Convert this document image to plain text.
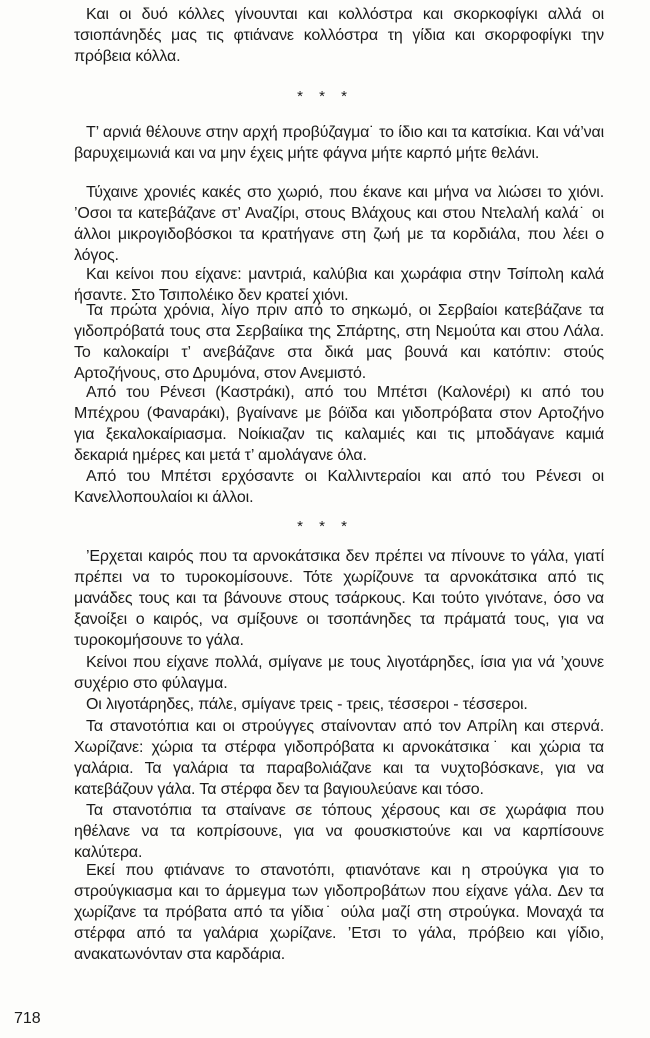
Και οι δυό κόλλες γίνουνται και κολλόστρα και σκορκοφίγκι αλλά οι τσιοπάνηδές μας τις φτιάνανε κολλόστρα τη γίδια και σκορφοφίγκι την πρόβεια κόλλα.

* * *

Τ’ αρνιά θέλουνε στην αρχή προβύζαγμα˙ το ίδιο και τα κατσίκια. Και νά’ναι βαρυχειμωνιά και να μην έχεις μήτε φάγνα μήτε καρπό μήτε θελάνι.

Τύχαινε χρονιές κακές στο χωριό, που έκανε και μήνα να λιώσει το χιόνι. ’Οσοι τα κατεβάζανε στ’ Αναζίρι, στους Βλάχους και στου Ντελαλή καλά˙ οι άλλοι μικρογιδοβόσκοι τα κρατήγανε στη ζωή με τα κορδιάλα, που λέει ο λόγος.

Και κείνοι που είχανε: μαντριά, καλύβια και χωράφια στην Τσίπολη καλά ήσαντε. Στο Τσιπολέικο δεν κρατεί χιόνι.

Τα πρώτα χρόνια, λίγο πριν από το σηκωμό, οι Σερβαίοι κατεβάζανε τα γιδοπρόβατά τους στα Σερβαίικα της Σπάρτης, στη Νεμούτα και στου Λάλα. Το καλοκαίρι τ’ ανεβάζανε στα δικά μας βουνά και κατόπιν: στούς Αρτοζήνους, στο Δρυμόνα, στον Ανεμιστό.

Από του Ρένεσι (Καστράκι), από του Μπέτσι (Καλονέρι) κι από του Μπέχρου (Φαναράκι), βγαίνανε με βόϊδα και γιδοπρόβατα στον Αρτοζήνο για ξεκαλοκαίριασμα. Νοίκιαζαν τις καλαμιές και τις μποδάγανε καμιά δεκαριά ημέρες και μετά τ’ αμολάγανε όλα.

Από του Μπέτσι ερχόσαντε οι Καλλιντεραίοι και από του Ρένεσι οι Κανελλοπουλαίοι κι άλλοι.

* * *

’Ερχεται καιρός που τα αρνοκάτσικα δεν πρέπει να πίνουνε το γάλα, γιατί πρέπει να το τυροκομίσουνε. Τότε χωρίζουνε τα αρνοκάτσικα από τις μανάδες τους και τα βάνουνε στους τσάρκους. Και τούτο γινότανε, όσο να ξανοίξει ο καιρός, να σμίξουνε οι τσοπάνηδες τα πράματά τους, για να τυροκομήσουνε το γάλα.

Κείνοι που είχανε πολλά, σμίγανε με τους λιγοτάρηδες, ίσια για νά ’χουνε συχέριο στο φύλαγμα.

Οι λιγοτάρηδες, πάλε, σμίγανε τρεις - τρεις, τέσσεροι - τέσσεροι.

Τα στανοτόπια και οι στρούγγες σταίνονταν από τον Απρίλη και στερνά. Χωρίζανε: χώρια τα στέρφα γιδοπρόβατα κι αρνοκάτσικα˙ και χώρια τα γαλάρια. Τα γαλάρια τα παραβολιάζανε και τα νυχτοβόσκανε, για να κατεβάζουν γάλα. Τα στέρφα δεν τα βαγιουλεύανε και τόσο.

Τα στανοτόπια τα σταίνανε σε τόπους χέρσους και σε χωράφια που ηθέλανε να τα κοπρίσουνε, για να φουσκιστούνε και να καρπίσουνε καλύτερα.

Εκεί που φτιάνανε το στανοτόπι, φτιανότανε και η στρούγκα για το στρούγκιασμα και το άρμεγμα των γιδοπροβάτων που είχανε γάλα. Δεν τα χωρίζανε τα πρόβατα από τα γίδια˙ ούλα μαζί στη στρούγκα. Μοναχά τα στέρφα από τα γαλάρια χωρίζανε. ’Ετσι το γάλα, πρόβειο και γίδιο, ανακατωνόνταν στα καρδάρια.

718
